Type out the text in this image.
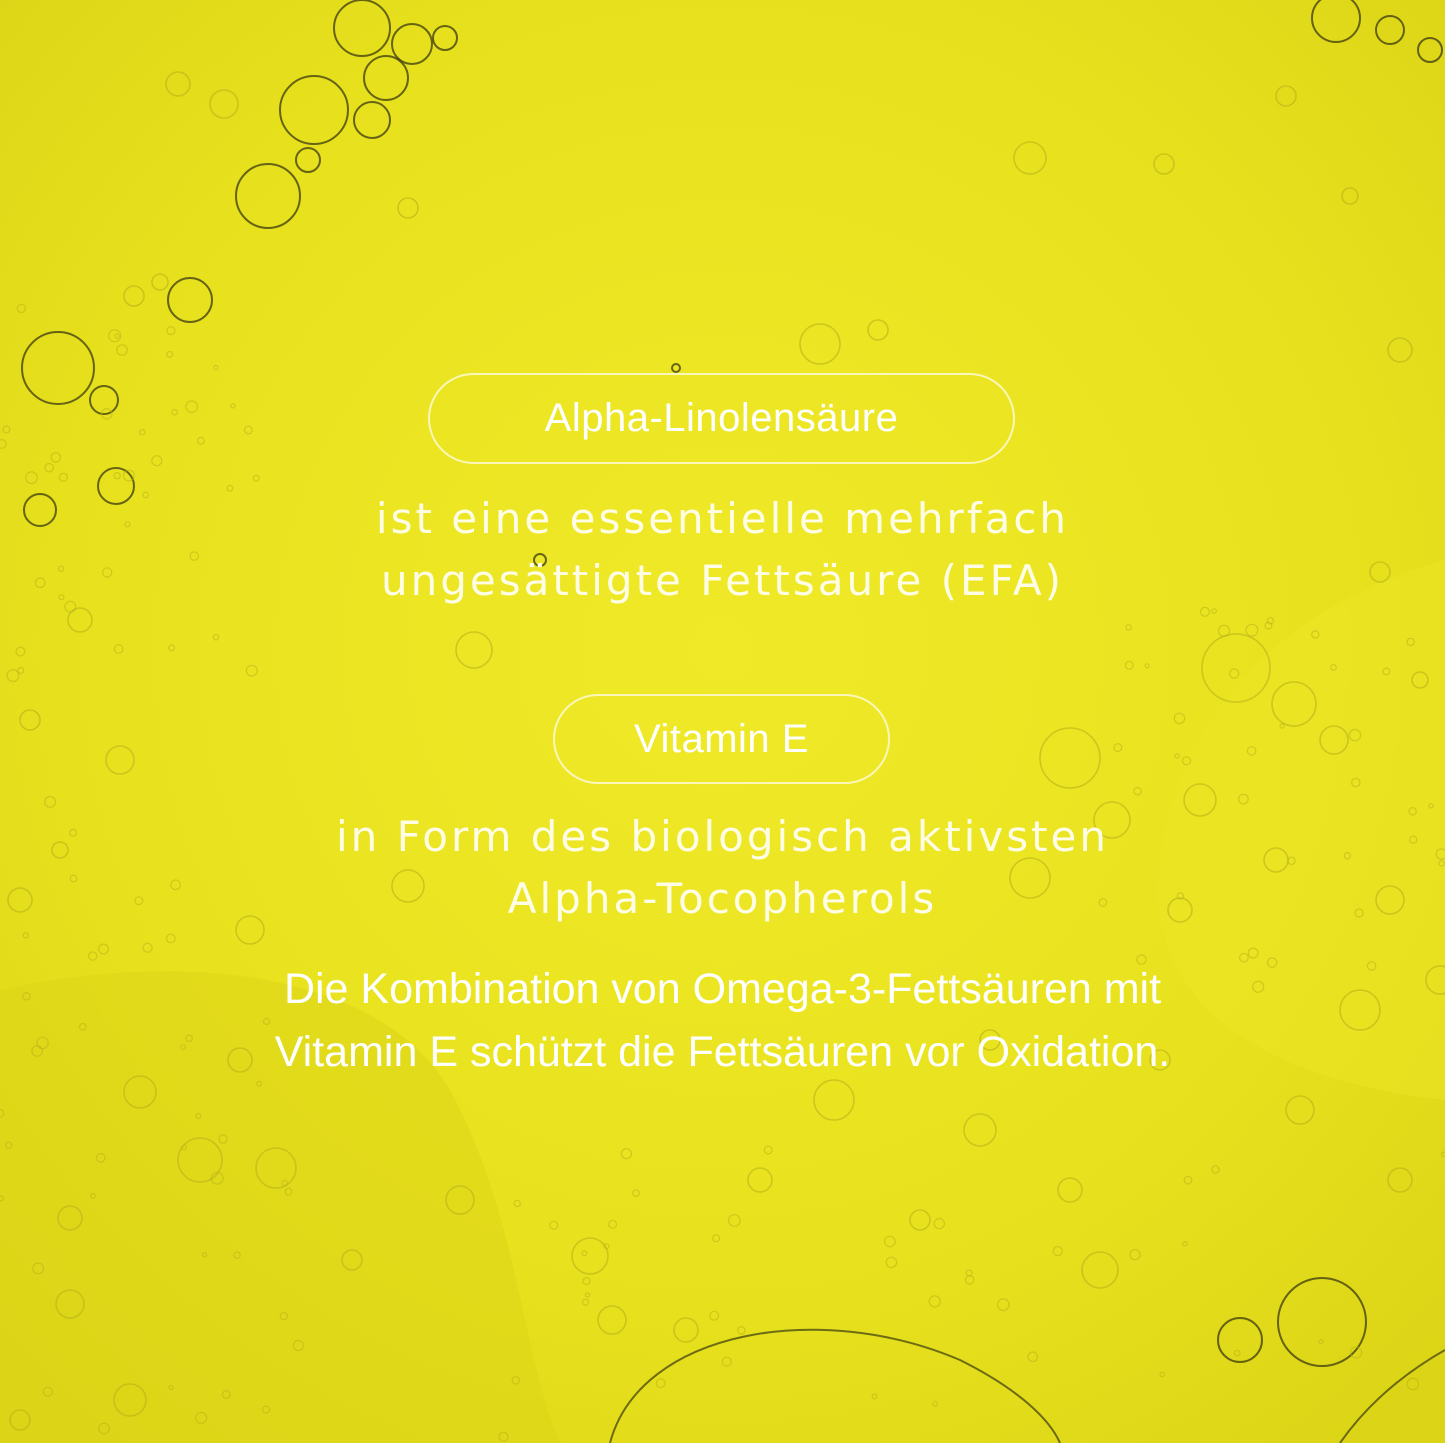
Alpha-Linolensäure
ist eine essentielle mehrfach
ungesättigte Fettsäure (EFA)
Vitamin E
in Form des biologisch aktivsten
Alpha-Tocopherols
Die Kombination von Omega-3-Fettsäuren mit
Vitamin E schützt die Fettsäuren vor Oxidation.
